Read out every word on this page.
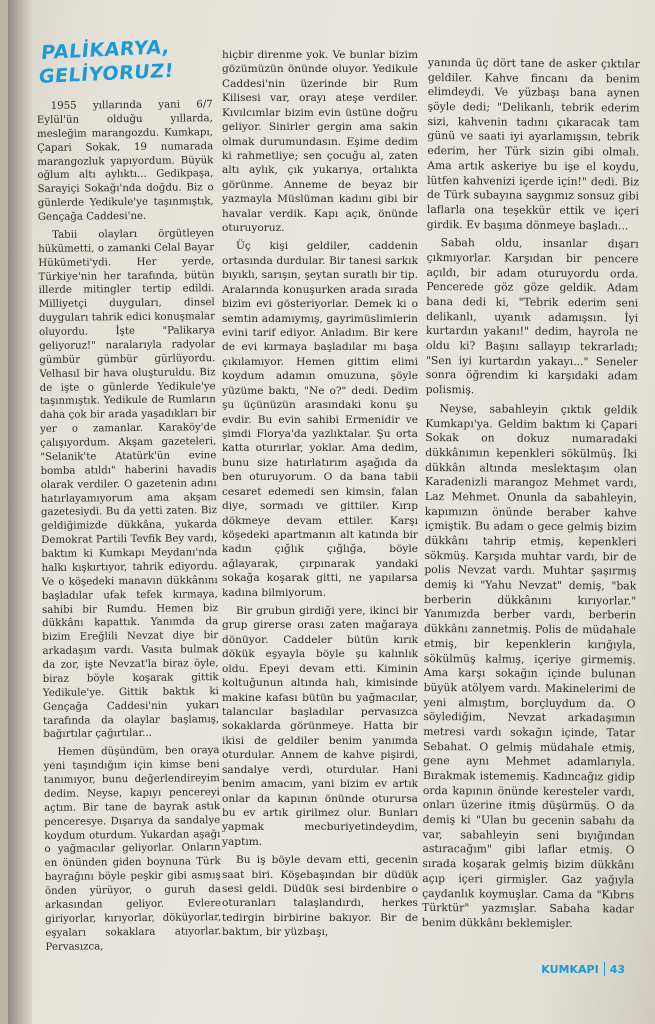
PALİKARYA,
GELİYORUZ!

1955 yıllarında yani 6/7 Eylül'ün olduğu yıllarda, mesleğim marangozdu. Kumkapı, Çapari Sokak, 19 numarada marangozluk yapıyordum. Büyük oğlum altı aylıktı... Gedikpaşa, Sarayiçi Sokağı'nda doğdu. Biz o günlerde Yedikule'ye taşınmıştık, Gençağa Caddesi'ne.

Tabii olayları örgütleyen hükümetti, o zamanki Celal Bayar Hükümeti'ydi. Her yerde, Türkiye'nin her tarafında, bütün illerde mitingler tertip edildi. Milliyetçi duyguları, dinsel duyguları tahrik edici konuşmalar oluyordu. İşte "Palikarya geliyoruz!" naralarıyla radyolar gümbür gümbür gürlüyordu. Velhasıl bir hava oluşturuldu. Biz de işte o günlerde Yedikule'ye taşınmıştık. Yedikule de Rumların daha çok bir arada yaşadıkları bir yer o zamanlar. Karaköy'de çalışıyordum. Akşam gazeteleri, "Selanik'te Atatürk'ün evine bomba atıldı" haberini havadis olarak verdiler. O gazetenin adını hatırlayamıyorum ama akşam gazetesiydi. Bu da yetti zaten. Biz geldiğimizde dükkâna, yukarda Demokrat Partili Tevfik Bey vardı, baktım ki Kumkapı Meydanı'nda halkı kışkırtıyor, tahrik ediyordu. Ve o köşedeki manavın dükkânını başladılar ufak tefek kırmaya, sahibi bir Rumdu. Hemen biz dükkânı kapattık. Yanımda da bizim Ereğlili Nevzat diye bir arkadaşım vardı. Vasıta bulmak da zor, işte Nevzat'la biraz öyle, biraz böyle koşarak gittik Yedikule'ye. Gittik baktık ki Gençağa Caddesi'nin yukarı tarafında da olaylar başlamış, bağırtılar çağırtılar...

Hemen düşündüm, ben oraya yeni taşındığım için kimse beni tanımıyor, bunu değerlendireyim dedim. Neyse, kapıyı pencereyi açtım. Bir tane de bayrak astık penceresye. Dışarıya da sandalye koydum oturdum. Yukardan aşağı o yağmacılar geliyorlar. Onların en önünden giden boynuna Türk bayrağını böyle peşkir gibi asmış önden yürüyor, o guruh da arkasından geliyor. Evlere giriyorlar, kırıyorlar, döküyorlar, eşyaları sokaklara atıyorlar. Pervasızca,

hiçbir direnme yok. Ve bunlar bizim gözümüzün önünde oluyor. Yedikule Caddesi'nin üzerinde bir Rum Kilisesi var, orayı ateşe verdiler. Kıvılcımlar bizim evin üstüne doğru geliyor. Sinirler gergin ama sakin olmak durumundasın. Eşime dedim ki rahmetliye; sen çocuğu al, zaten altı aylık, çık yukarıya, ortalıkta görünme. Anneme de beyaz bir yazmayla Müslüman kadını gibi bir havalar verdik. Kapı açık, önünde oturuyoruz.

Üç kişi geldiler, caddenin ortasında durdular. Bir tanesi sarkık bıyıklı, sarışın, şeytan suratlı bir tip. Aralarında konuşurken arada sırada bizim evi gösteriyorlar. Demek ki o semtin adamıymış, gayrimüslimlerin evini tarif ediyor. Anladım. Bir kere de evi kırmaya başladılar mı başa çıkılamıyor. Hemen gittim elimi koydum adamın omuzuna, şöyle yüzüme baktı, "Ne o?" dedi. Dedim şu üçünüzün arasındaki konu şu evdir. Bu evin sahibi Ermenidir ve şimdi Florya'da yazlıktalar. Şu orta katta oturırlar, yoklar. Ama dedim, bunu size hatırlatırım aşağıda da ben oturuyorum. O da bana tabii cesaret edemedi sen kimsin, falan diye, sormadı ve gittiler. Kırıp dökmeye devam ettiler. Karşı köşedeki apartmanın alt katında bir kadın çığlık çığlığa, böyle ağlayarak, çırpınarak yandaki sokağa koşarak gitti, ne yapılarsa kadına bilmiyorum.

Bir grubun girdiği yere, ikinci bir grup girerse orası zaten mağaraya dönüyor. Caddeler bütün kırık dökük eşyayla böyle şu kalınlık oldu. Epeyi devam etti. Kiminin koltuğunun altında halı, kimisinde makine kafası bütün bu yağmacılar, talancılar başladılar pervasızca sokaklarda görünmeye. Hatta bir ikisi de geldiler benim yanımda oturdular. Annem de kahve pişirdi, sandalye verdi, oturdular. Hani benim amacım, yani bizim ev artık onlar da kapının önünde oturursa bu ev artık girilmez olur. Bunları yapmak mecburiyetindeydim, yaptım.

Bu iş böyle devam etti, gecenin saat biri. Köşebaşından bir düdük sesi geldi. Düdük sesi birdenbire o oturanları talaşlandırdı, herkes tedirgin birbirine bakıyor. Bir de baktım, bir yüzbaşı,

yanında üç dört tane de asker çıktılar geldiler. Kahve fincanı da benim elimdeydi. Ve yüzbaşı bana aynen şöyle dedi; "Delikanlı, tebrik ederim sizi, kahvenin tadını çıkaracak tam günü ve saati iyi ayarlamışsın, tebrik ederim, her Türk sizin gibi olmalı. Ama artık askeriye bu işe el koydu, lütfen kahvenizi içerde için!" dedi. Biz de Türk subayına saygımız sonsuz gibi laflarla ona teşekkür ettik ve içeri girdik. Ev başıma dönmeye başladı...

Sabah oldu, insanlar dışarı çıkmıyorlar. Karşıdan bir pencere açıldı, bir adam oturuyordu orda. Pencerede göz göze geldik. Adam bana dedi ki, "Tebrik ederim seni delikanlı, uyanık adamışsın. İyi kurtardın yakanı!" dedim, hayrola ne oldu ki? Başını sallayıp tekrarladı; "Sen iyi kurtardın yakayı..." Seneler sonra öğrendim ki karşıdaki adam polismiş.

Neyse, sabahleyin çıktık geldik Kumkapı'ya. Geldim baktım ki Çapari Sokak on dokuz numaradaki dükkânımın kepenkleri sökülmüş. İki dükkân altında meslektaşım olan Karadenizli marangoz Mehmet vardı, Laz Mehmet. Onunla da sabahleyin, kapımızın önünde beraber kahve içmiştik. Bu adam o gece gelmiş bizim dükkânı tahrip etmiş, kepenkleri sökmüş. Karşıda muhtar vardı, bir de polis Nevzat vardı. Muhtar şaşırmış demiş ki "Yahu Nevzat" demiş, "bak berberin dükkânını kırıyorlar." Yanımızda berber vardı, berberin dükkânı zannetmiş. Polis de müdahale etmiş, bir kepenklerin kırığıyla, sökülmüş kalmış, içeriye girmemiş. Ama karşı sokağın içinde bulunan büyük atölyem vardı. Makinelerimi de yeni almıştım, borçluydum da. O söylediğim, Nevzat arkadaşımın metresi vardı sokağın içinde, Tatar Sebahat. O gelmiş müdahale etmiş, gene aynı Mehmet adamlarıyla. Bırakmak istememiş. Kadıncağız gidip orda kapının önünde keresteler vardı, onları üzerine itmiş düşürmüş. O da demiş ki "Ulan bu gecenin sabahı da var, sabahleyin seni bıyığından astıracağım" gibi laflar etmiş. O sırada koşarak gelmiş bizim dükkânı açıp içeri girmişler. Gaz yağıyla çaydanlık koymuşlar. Cama da "Kıbrıs Türktür" yazmışlar. Sabaha kadar benim dükkânı beklemişler.

KUMKAPI 43
